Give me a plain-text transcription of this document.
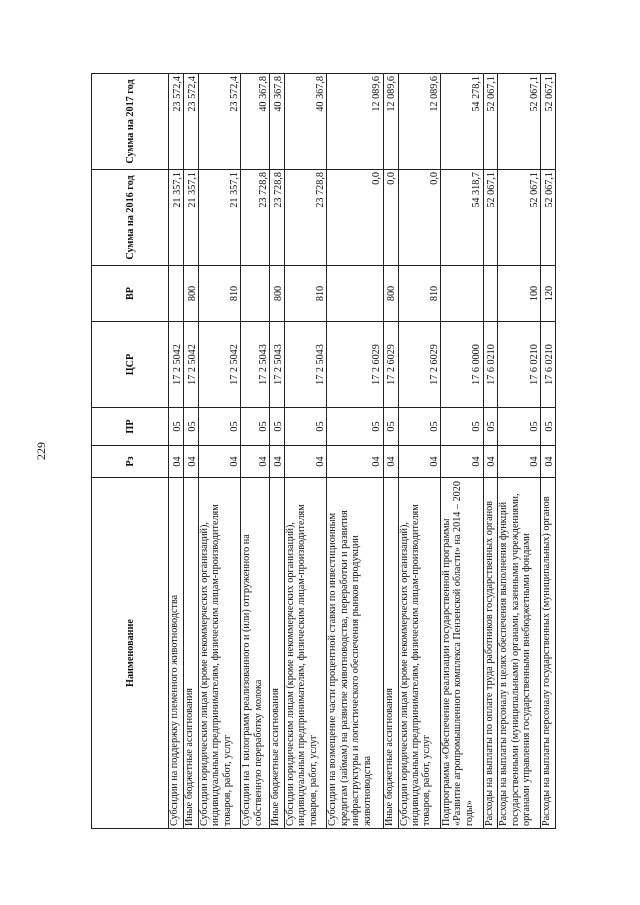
229
Наименование	Рз	ПР	ЦСР	ВР	Сумма на 2016 год	Сумма на 2017 год
Субсидии на поддержку племенного животноводства	04	05	17 2 5042		21 357,1	23 572,4
Иные бюджетные ассигнования	04	05	17 2 5042	800	21 357,1	23 572,4
Субсидии юридическим лицам (кроме некоммерческих организаций), индивидуальным предпринимателям, физическим лицам-производителям товаров, работ, услуг	04	05	17 2 5042	810	21 357,1	23 572,4
Субсидии на 1 килограмм реализованного и (или) отгруженного на собственную переработку молока	04	05	17 2 5043		23 728,8	40 367,8
Иные бюджетные ассигнования	04	05	17 2 5043	800	23 728,8	40 367,8
Субсидии юридическим лицам (кроме некоммерческих организаций), индивидуальным предпринимателям, физическим лицам-производителям товаров, работ, услуг	04	05	17 2 5043	810	23 728,8	40 367,8
Субсидии на возмещение части процентной ставки по инвестиционным кредитам (займам) на развитие животноводства, переработки и развития инфраструктуры и логистического обеспечения рынков продукции животноводства	04	05	17 2 6029		0,0	12 089,6
Иные бюджетные ассигнования	04	05	17 2 6029	800	0,0	12 089,6
Субсидии юридическим лицам (кроме некоммерческих организаций), индивидуальным предпринимателям, физическим лицам-производителям товаров, работ, услуг	04	05	17 2 6029	810	0,0	12 089,6
Подпрограмма «Обеспечение реализации государственной программы «Развитие агропромышленного комплекса Пензенской области» на 2014 – 2020 годы»	04	05	17 6 0000		54 318,7	54 278,1
Расходы на выплаты по оплате труда работников государственных органов	04	05	17 6 0210		52 067,1	52 067,1
Расходы на выплаты персоналу в целях обеспечения выполнения функций государственными (муниципальными) органами, казенными учреждениями, органами управления государственными внебюджетными фондами	04	05	17 6 0210	100	52 067,1	52 067,1
Расходы на выплаты персоналу государственных (муниципальных) органов	04	05	17 6 0210	120	52 067,1	52 067,1
